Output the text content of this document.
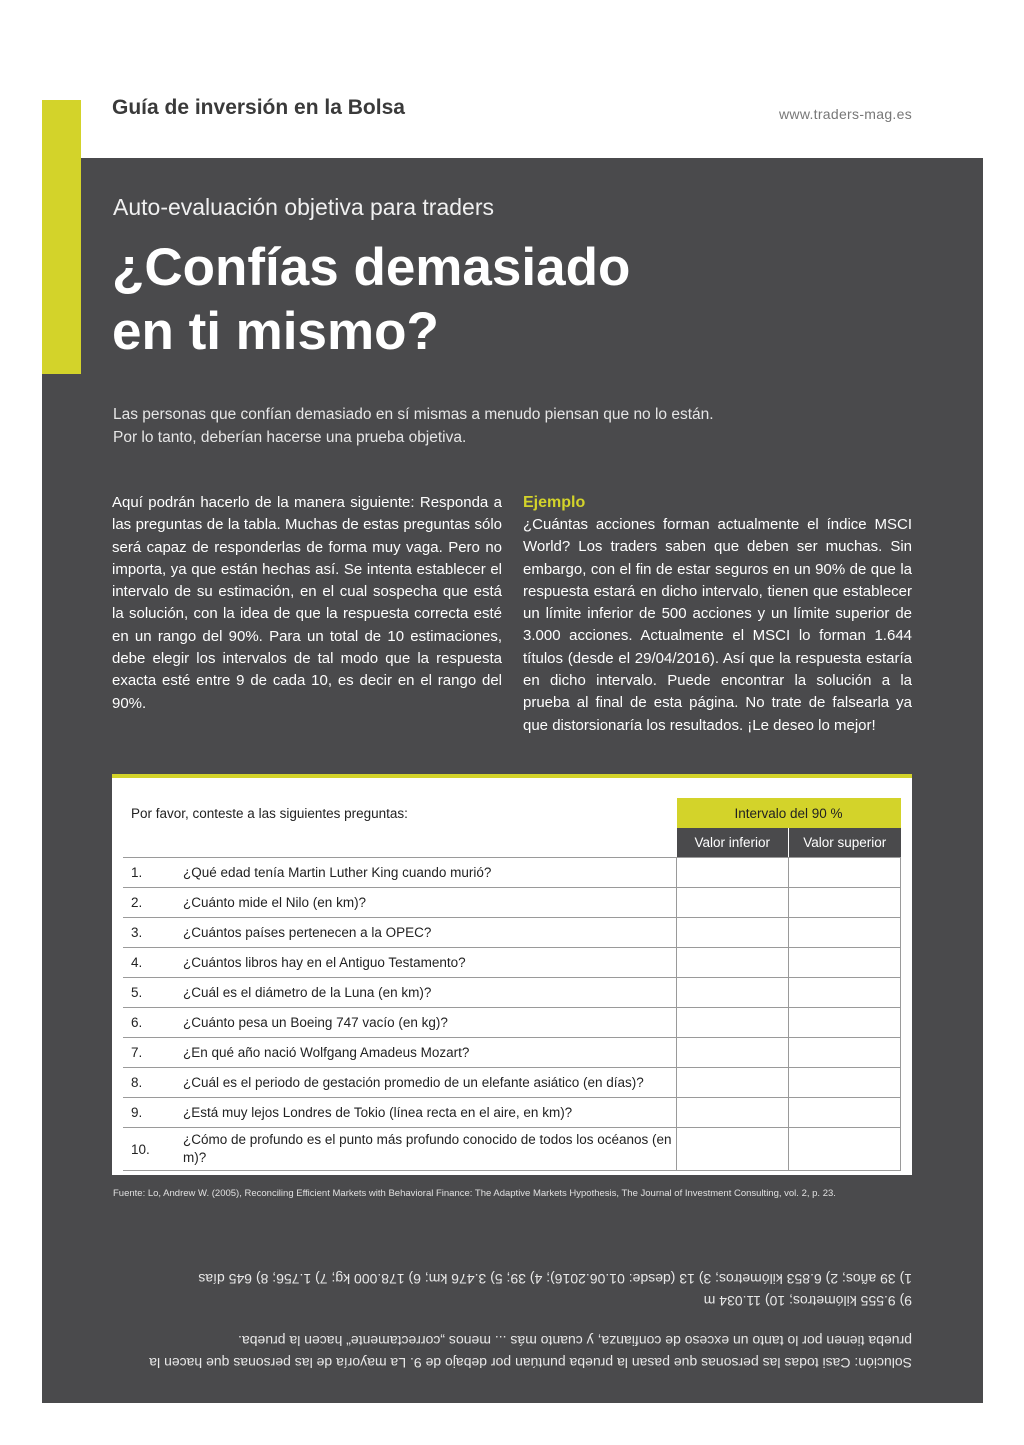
Guía de inversión en la Bolsa	www.traders-mag.es
Auto-evaluación objetiva para traders
¿Confías demasiado
en ti mismo?
Las personas que confían demasiado en sí mismas a menudo piensan que no lo están.
Por lo tanto, deberían hacerse una prueba objetiva.
Aquí podrán hacerlo de la manera siguiente: Responda a las preguntas de la tabla. Muchas de estas preguntas sólo será capaz de responderlas de forma muy vaga. Pero no importa, ya que están hechas así. Se intenta establecer el intervalo de su estimación, en el cual sospecha que está la solución, con la idea de que la respuesta correcta esté en un rango del 90%. Para un total de 10 estimaciones, debe elegir los intervalos de tal modo que la respuesta exacta esté entre 9 de cada 10, es decir en el rango del 90%.
Ejemplo
¿Cuántas acciones forman actualmente el índice MSCI World? Los traders saben que deben ser muchas. Sin embargo, con el fin de estar seguros en un 90% de que la respuesta estará en dicho intervalo, tienen que establecer un límite inferior de 500 acciones y un límite superior de 3.000 acciones. Actualmente el MSCI lo forman 1.644 títulos (desde el 29/04/2016). Así que la respuesta estaría en dicho intervalo. Puede encontrar la solución a la prueba al final de esta página. No trate de falsearla ya que distorsionaría los resultados. ¡Le deseo lo mejor!
Por favor, conteste a las siguientes preguntas:		Intervalo del 90 %	
		Valor inferior	Valor superior
1.	¿Qué edad tenía Martin Luther King cuando murió?		
2.	¿Cuánto mide el Nilo (en km)?		
3.	¿Cuántos países pertenecen a la OPEC?		
4.	¿Cuántos libros hay en el Antiguo Testamento?		
5.	¿Cuál es el diámetro de la Luna (en km)?		
6.	¿Cuánto pesa un Boeing 747 vacío (en kg)?		
7.	¿En qué año nació Wolfgang Amadeus Mozart?		
8.	¿Cuál es el periodo de gestación promedio de un elefante asiático (en días)?		
9.	¿Está muy lejos Londres de Tokio (línea recta en el aire, en km)?		
10.	¿Cómo de profundo es el punto más profundo conocido de todos los océanos (en m)?		
Fuente: Lo, Andrew W. (2005), Reconciling Efficient Markets with Behavioral Finance: The Adaptive Markets Hypothesis, The Journal of Investment Consulting, vol. 2, p. 23.

Solución: Casi todas las personas que pasan la prueba puntúan por debajo de 9. La mayoría de las personas que hacen la prueba tienen por lo tanto un exceso de confianza, y cuanto más ... menos „correctamente“ hacen la prueba.

9) 9.555 kilómetros; 10) 11.034 m

1) 39 años; 2) 6.853 kilómetros; 3) 13 (desde: 01.06.2016); 4) 39; 5) 3.476 km; 6) 178.000 kg; 7) 1.756; 8) 645 días
